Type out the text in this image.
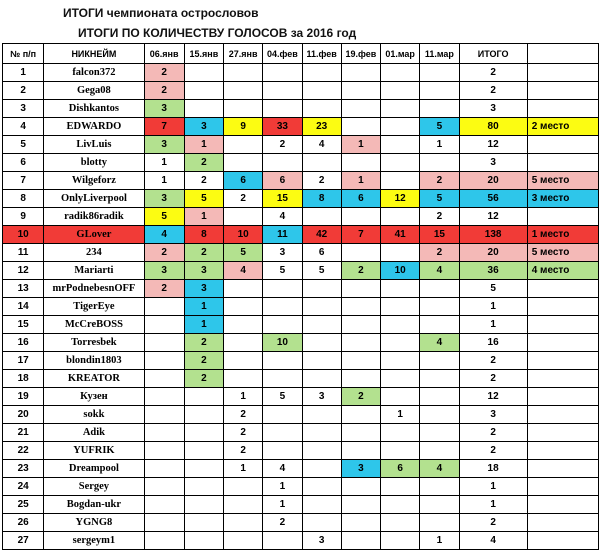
ИТОГИ чемпионата острословов
ИТОГИ ПО КОЛИЧЕСТВУ ГОЛОСОВ за 2016 год
№ п/п	НИКНЕЙМ	06.янв	15.янв	27.янв	04.фев	11.фев	19.фев	01.мар	11.мар	ИТОГО	
1	falcon372	2								2	
2	Gega08	2								2	
3	Dishkantos	3								3	
4	EDWARDO	7	3	9	33	23			5	80	2 место
5	LivLuis	3	1		2	4	1		1	12	
6	blotty	1	2							3	
7	Wilgeforz	1	2	6	6	2	1		2	20	5 место
8	OnlyLiverpool	3	5	2	15	8	6	12	5	56	3 место
9	radik86radik	5	1		4				2	12	
10	GLover	4	8	10	11	42	7	41	15	138	1 место
11	234	2	2	5	3	6			2	20	5 место
12	Mariarti	3	3	4	5	5	2	10	4	36	4 место
13	mrPodnebesnOFF	2	3							5	
14	TigerEye		1							1	
15	McCreBOSS		1							1	
16	Torresbek		2		10				4	16	
17	blondin1803		2							2	
18	KREATOR		2							2	
19	Кузен			1	5	3	2			12	
20	sokk			2				1		3	
21	Adik			2						2	
22	YUFRIK			2						2	
23	Dreampool			1	4		3	6	4	18	
24	Sergey				1					1	
25	Bogdan-ukr				1					1	
26	YGNG8				2					2	
27	sergeym1					3			1	4	
